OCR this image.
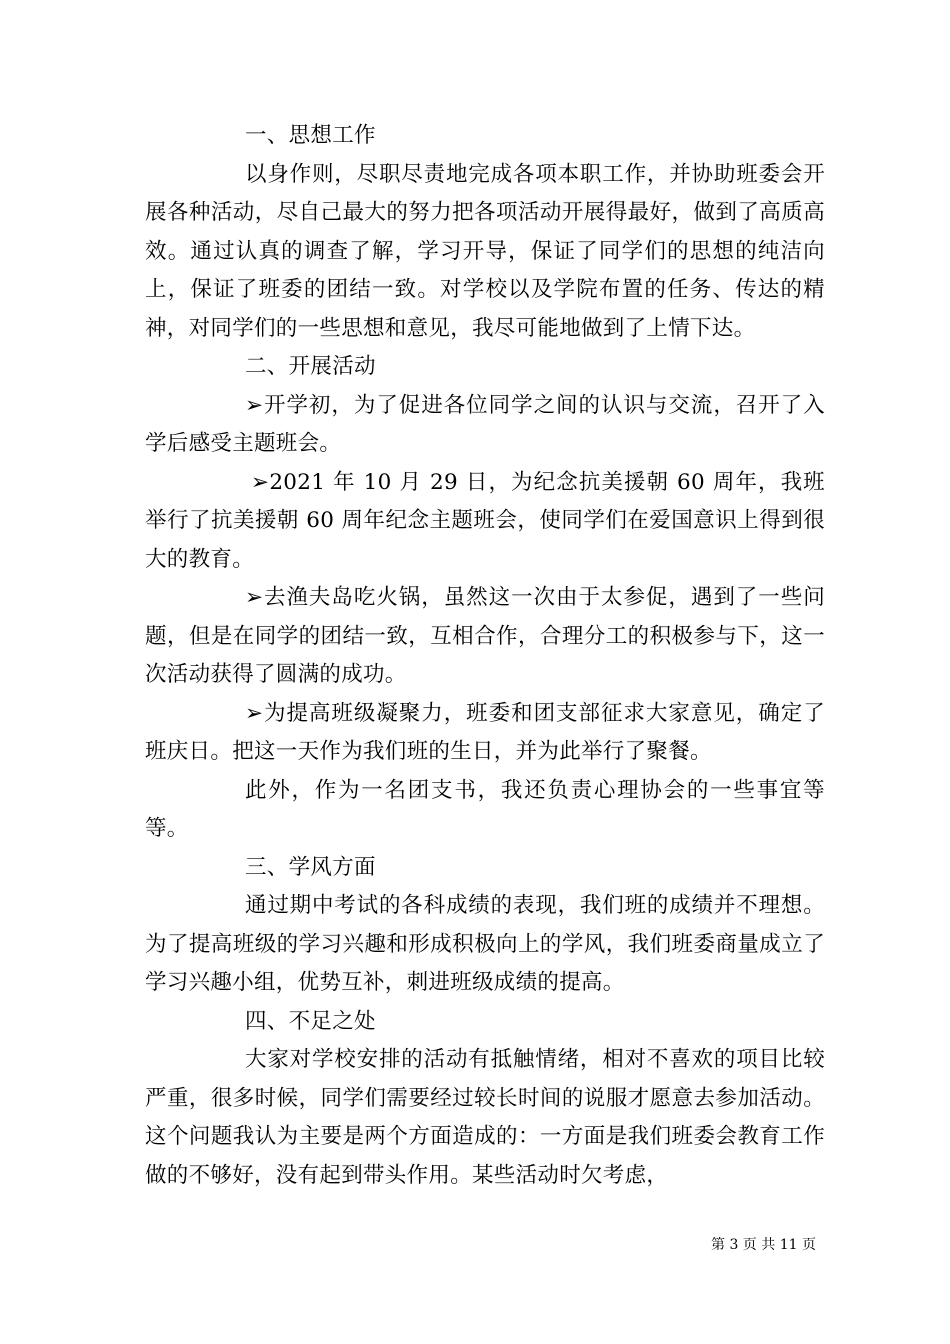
一、思想工作

以身作则，尽职尽责地完成各项本职工作，并协助班委会开展各种活动，尽自己最大的努力把各项活动开展得最好，做到了高质高效。通过认真的调查了解，学习开导，保证了同学们的思想的纯洁向上，保证了班委的团结一致。对学校以及学院布置的任务、传达的精神，对同学们的一些思想和意见，我尽可能地做到了上情下达。

二、开展活动

➢开学初，为了促进各位同学之间的认识与交流，召开了入学后感受主题班会。

➢2021 年 10 月 29 日，为纪念抗美援朝 60 周年，我班举行了抗美援朝 60 周年纪念主题班会，使同学们在爱国意识上得到很大的教育。

➢去渔夫岛吃火锅，虽然这一次由于太参促，遇到了一些问题，但是在同学的团结一致，互相合作，合理分工的积极参与下，这一次活动获得了圆满的成功。

➢为提高班级凝聚力，班委和团支部征求大家意见，确定了班庆日。把这一天作为我们班的生日，并为此举行了聚餐。

此外，作为一名团支书，我还负责心理协会的一些事宜等等。

三、学风方面

通过期中考试的各科成绩的表现，我们班的成绩并不理想。为了提高班级的学习兴趣和形成积极向上的学风，我们班委商量成立了学习兴趣小组，优势互补，刺进班级成绩的提高。

四、不足之处

大家对学校安排的活动有抵触情绪，相对不喜欢的项目比较严重，很多时候，同学们需要经过较长时间的说服才愿意去参加活动。这个问题我认为主要是两个方面造成的：一方面是我们班委会教育工作做的不够好，没有起到带头作用。某些活动时欠考虑，

第 3 页 共 11 页
